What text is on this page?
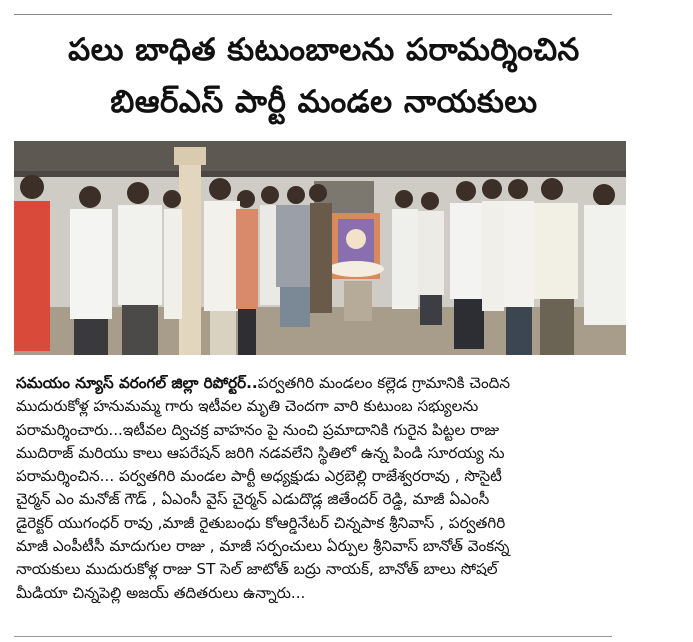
పలు బాధిత కుటుంబాలను పరామర్శించిన
బిఆర్ఎస్ పార్టీ మండల నాయకులు

సమయం న్యూస్ వరంగల్ జిల్లా రిపోర్టర్..పర్వతగిరి మండలం కల్లెడ గ్రామానికి చెందిన

ముదురుకోళ్ల హనుమమ్మ గారు ఇటీవల మృతి చెందగా వారి కుటుంబ సభ్యులను

పరామర్శించారు...ఇటీవల ద్విచక్ర వాహనం పై నుంచి ప్రమాదానికి గురైన పిట్టల రాజు

ముదిరాజ్ మరియు కాలు ఆపరేషన్ జరిగి నడవలేని స్థితిలో ఉన్న పిండి సూరయ్య ను

పరామర్శించిన... పర్వతగిరి మండల పార్టీ అధ్యక్షుడు ఎర్రబెల్లి రాజేశ్వరరావు , సొసైటీ

చైర్మన్ ఎం మనోజ్ గౌడ్ , ఏఎంసీ వైస్ చైర్మన్ ఎడుదొడ్ల జితేందర్ రెడ్డి, మాజీ ఏఎంసీ

డైరెక్టర్ యుగంధర్ రావు ,మాజీ రైతుబంధు కోఆర్డినేటర్ చిన్నపాక శ్రీనివాస్ , పర్వతగిరి

మాజీ ఎంపీటీసీ మాదుగుల రాజు , మాజీ సర్పంచులు ఏర్పుల శ్రీనివాస్ బానోత్ వెంకన్న

నాయకులు ముదురుకోళ్ల రాజు ST సెల్ జాటోత్ బద్రు నాయక్, బానోత్ బాలు సోషల్

మీడియా చిన్నపెల్లి అజయ్ తదితరులు ఉన్నారు...
